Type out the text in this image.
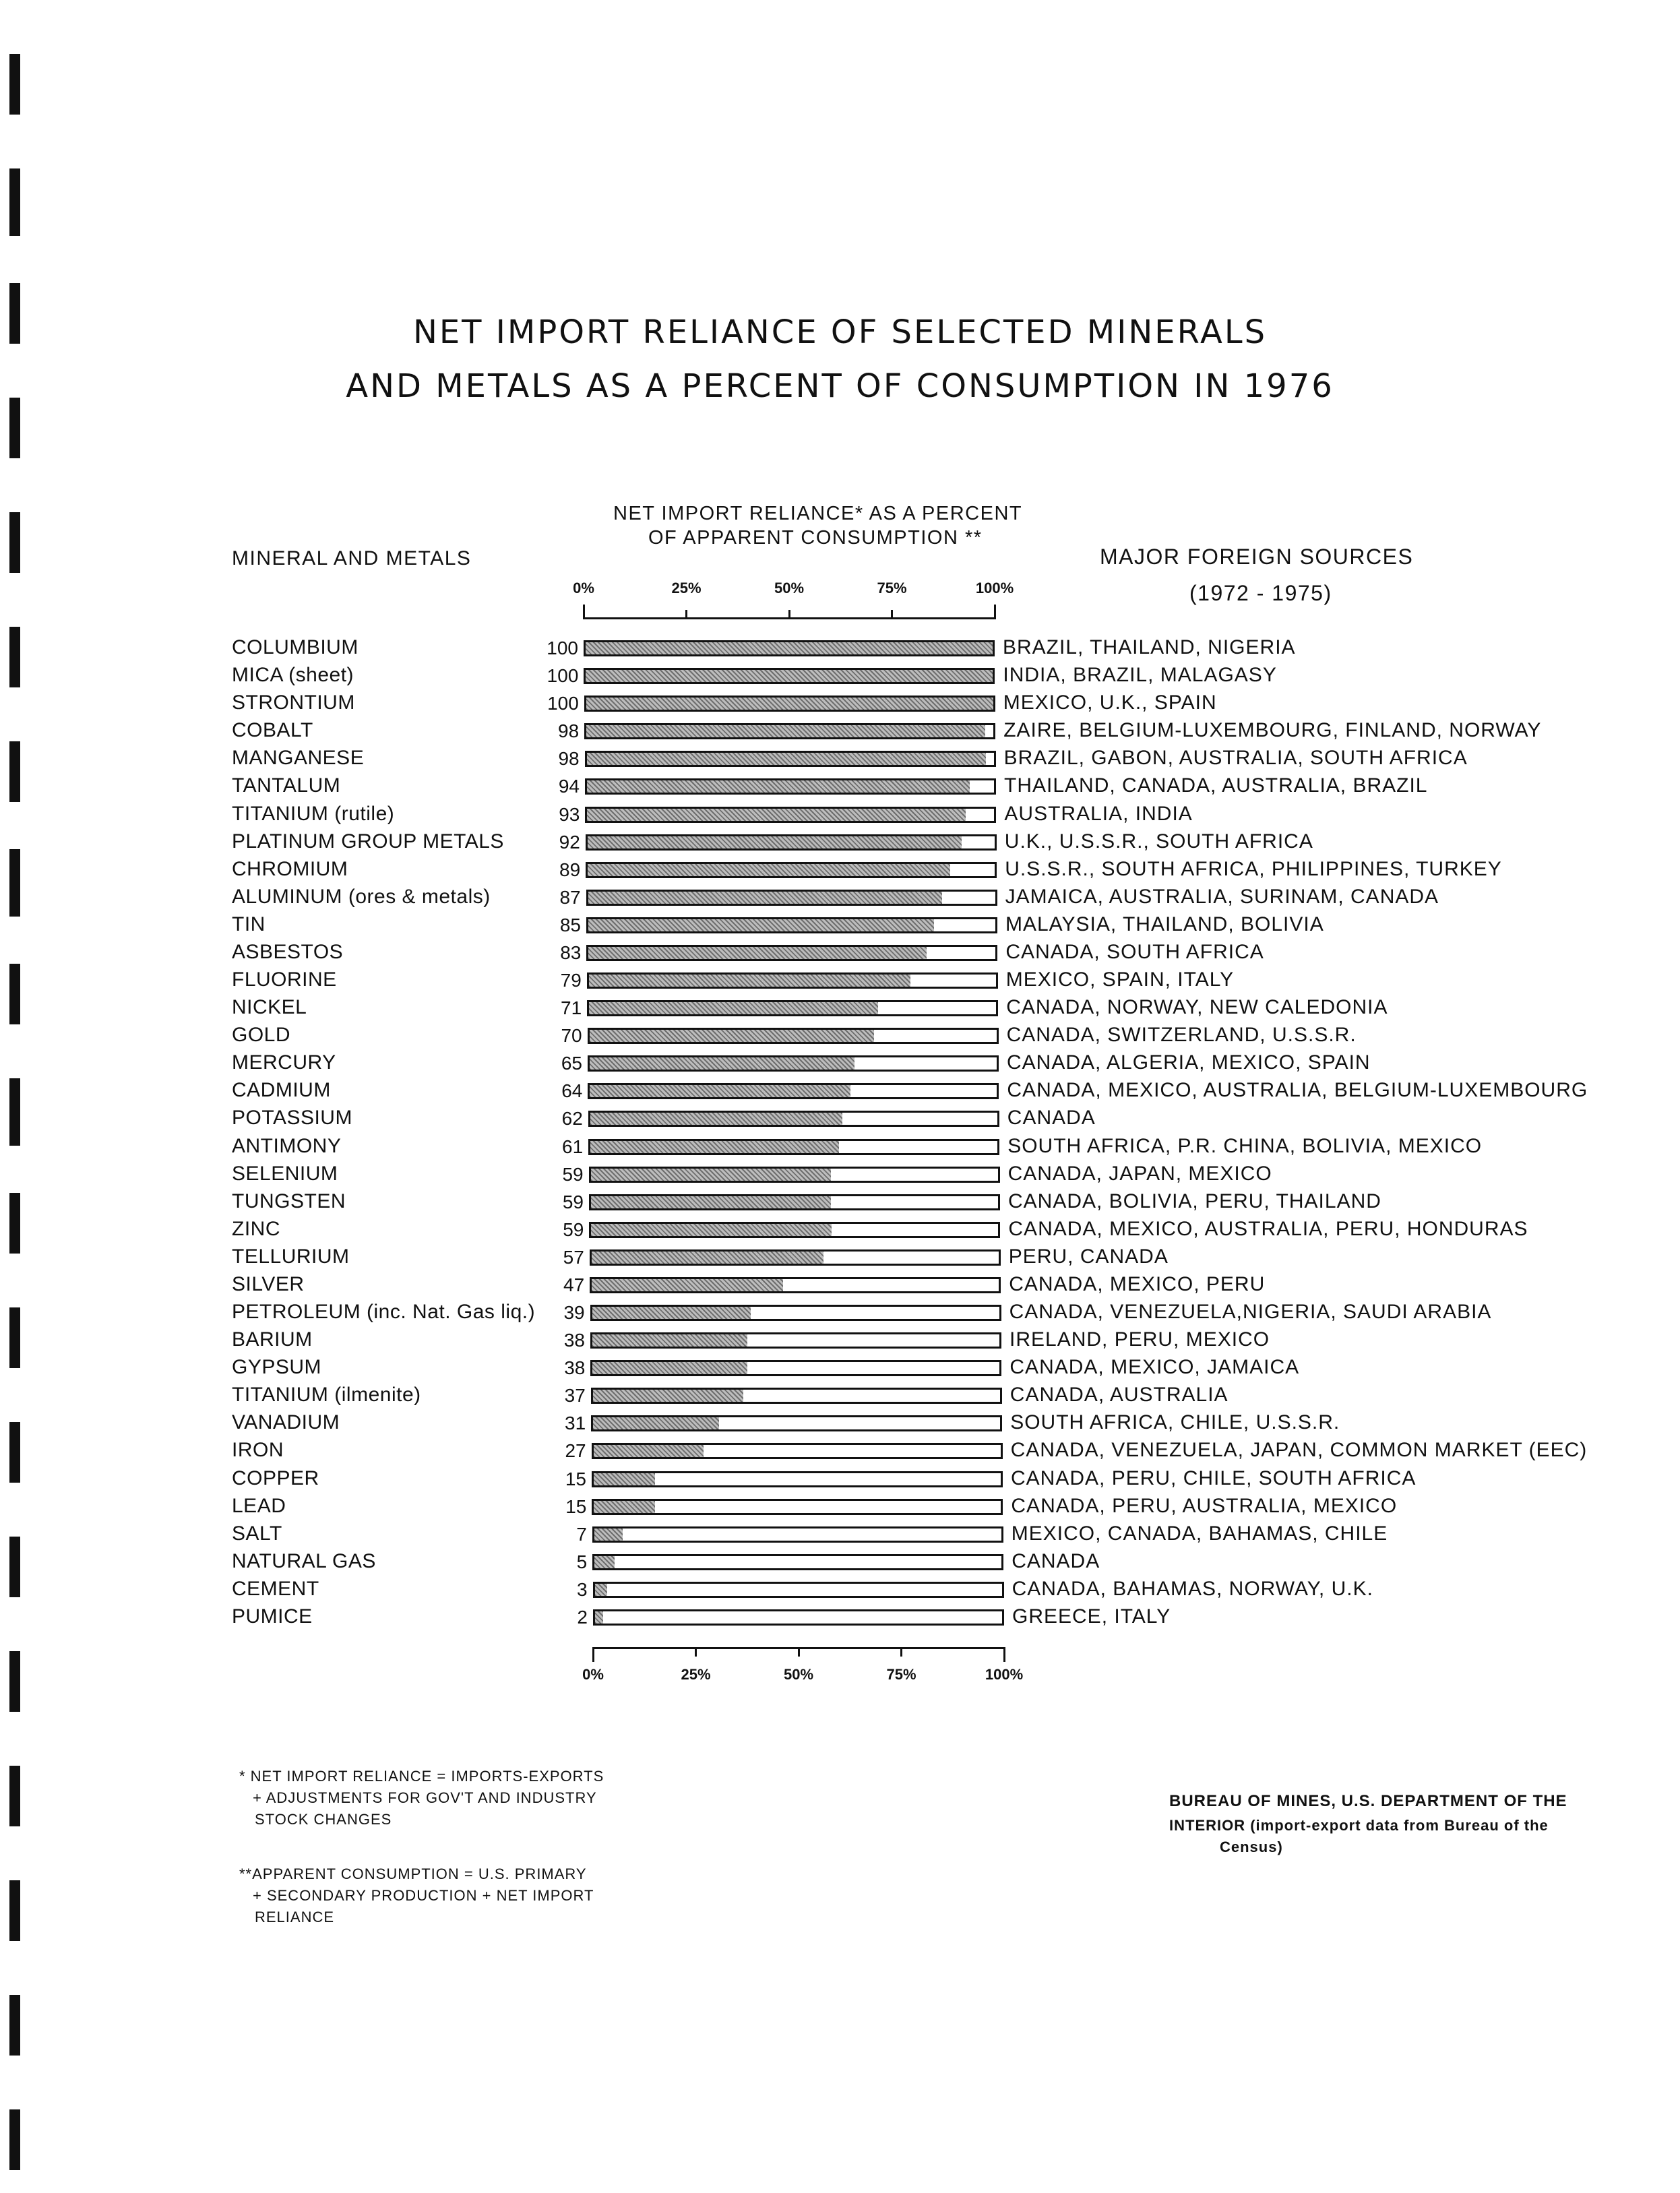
NET IMPORT RELIANCE OF SELECTED MINERALS
AND METALS AS A PERCENT OF CONSUMPTION IN 1976
MINERAL AND METALS
NET IMPORT RELIANCE* AS A PERCENT
OF APPARENT CONSUMPTION **
MAJOR FOREIGN SOURCES
(1972 - 1975)
COLUMBIUM	100	BRAZIL, THAILAND, NIGERIA
MICA (sheet)	100	INDIA, BRAZIL, MALAGASY
STRONTIUM	100	MEXICO, U.K., SPAIN
COBALT	98	ZAIRE, BELGIUM-LUXEMBOURG, FINLAND, NORWAY
MANGANESE	98	BRAZIL, GABON, AUSTRALIA, SOUTH AFRICA
TANTALUM	94	THAILAND, CANADA, AUSTRALIA, BRAZIL
TITANIUM (rutile)	93	AUSTRALIA, INDIA
PLATINUM GROUP METALS	92	U.K., U.S.S.R., SOUTH AFRICA
CHROMIUM	89	U.S.S.R., SOUTH AFRICA, PHILIPPINES, TURKEY
ALUMINUM (ores & metals)	87	JAMAICA, AUSTRALIA, SURINAM, CANADA
TIN	85	MALAYSIA, THAILAND, BOLIVIA
ASBESTOS	83	CANADA, SOUTH AFRICA
FLUORINE	79	MEXICO, SPAIN, ITALY
NICKEL	71	CANADA, NORWAY, NEW CALEDONIA
GOLD	70	CANADA, SWITZERLAND, U.S.S.R.
MERCURY	65	CANADA, ALGERIA, MEXICO, SPAIN
CADMIUM	64	CANADA, MEXICO, AUSTRALIA, BELGIUM-LUXEMBOURG
POTASSIUM	62	CANADA
ANTIMONY	61	SOUTH AFRICA, P.R. CHINA, BOLIVIA, MEXICO
SELENIUM	59	CANADA, JAPAN, MEXICO
TUNGSTEN	59	CANADA, BOLIVIA, PERU, THAILAND
ZINC	59	CANADA, MEXICO, AUSTRALIA, PERU, HONDURAS
TELLURIUM	57	PERU, CANADA
SILVER	47	CANADA, MEXICO, PERU
PETROLEUM (inc. Nat. Gas liq.)	39	CANADA, VENEZUELA,NIGERIA, SAUDI ARABIA
BARIUM	38	IRELAND, PERU, MEXICO
GYPSUM	38	CANADA, MEXICO, JAMAICA
TITANIUM (ilmenite)	37	CANADA, AUSTRALIA
VANADIUM	31	SOUTH AFRICA, CHILE, U.S.S.R.
IRON	27	CANADA, VENEZUELA, JAPAN, COMMON MARKET (EEC)
COPPER	15	CANADA, PERU, CHILE, SOUTH AFRICA
LEAD	15	CANADA, PERU, AUSTRALIA, MEXICO
SALT	7	MEXICO, CANADA, BAHAMAS, CHILE
NATURAL GAS	5	CANADA
CEMENT	3	CANADA, BAHAMAS, NORWAY, U.K.
PUMICE	2	GREECE, ITALY
0%	25%	50%	75%	100%
0%	25%	50%	75%	100%
* NET IMPORT RELIANCE = IMPORTS-EXPORTS
+ ADJUSTMENTS FOR GOV'T AND INDUSTRY
STOCK CHANGES
**APPARENT CONSUMPTION = U.S. PRIMARY
+ SECONDARY PRODUCTION + NET IMPORT
RELIANCE
BUREAU OF MINES, U.S. DEPARTMENT OF THE
INTERIOR (import-export data from Bureau of the
Census)
